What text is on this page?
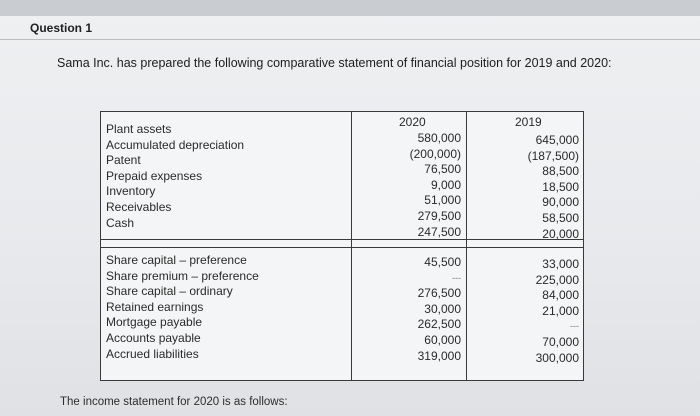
Question 1
Sama Inc. has prepared the following comparative statement of financial position for 2019 and 2020:
2020	2019
Plant assets
Accumulated depreciation
Patent
Prepaid expenses
Inventory
Receivables
Cash
580,000
(200,000)
76,500
9,000
51,000
279,500
247,500
645,000
(187,500)
88,500
18,500
90,000
58,500
20,000
Share capital – preference
Share premium – preference
Share capital – ordinary
Retained earnings
Mortgage payable
Accounts payable
Accrued liabilities
45,500
---
276,500
30,000
262,500
60,000
319,000
33,000
225,000
84,000
21,000
---
70,000
300,000
The income statement for 2020 is as follows:
